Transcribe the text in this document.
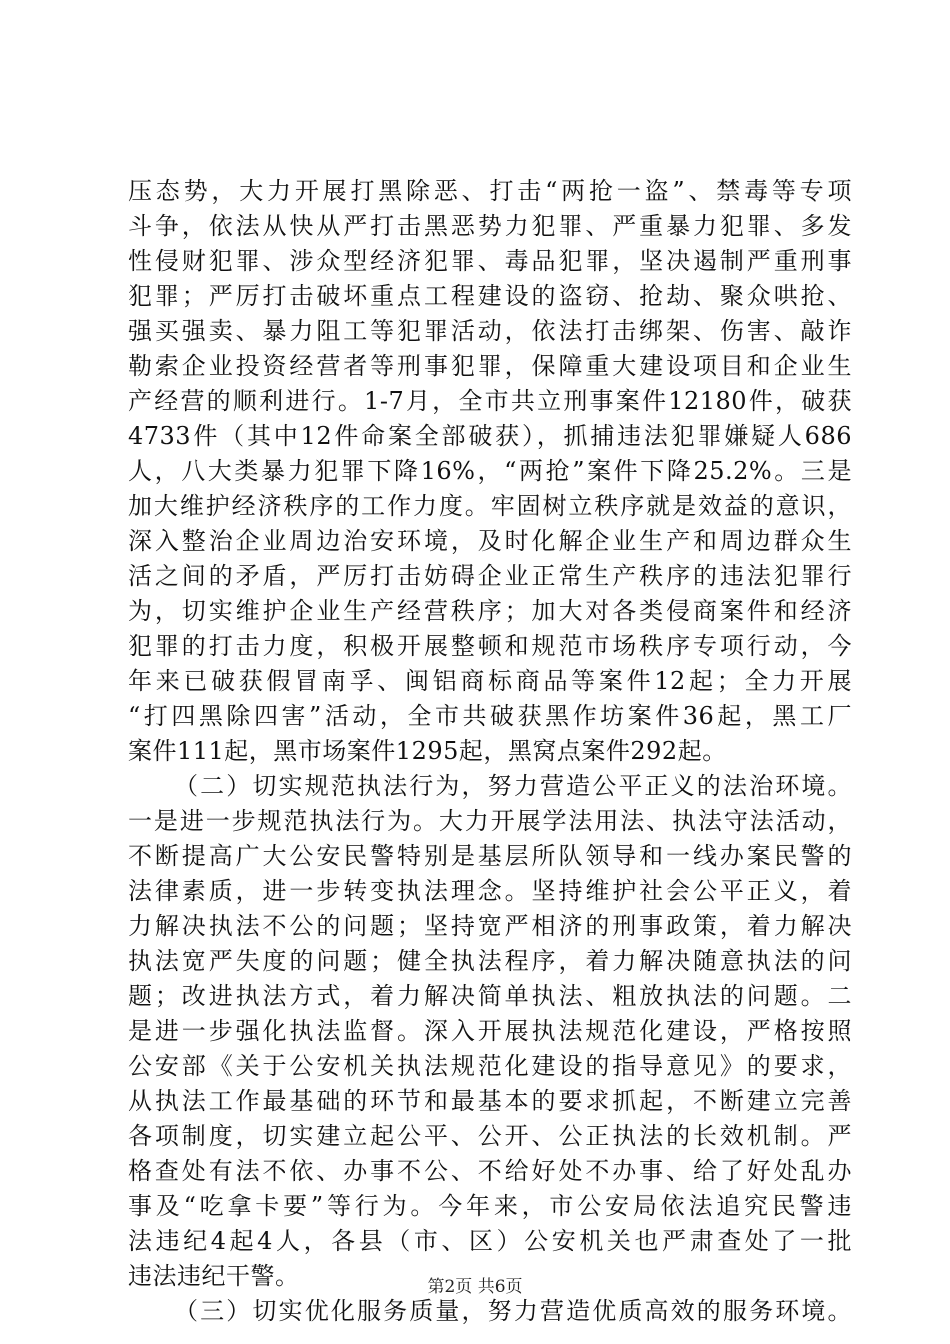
压态势，大力开展打黑除恶、打击“两抢一盗”、禁毒等专项
斗争，依法从快从严打击黑恶势力犯罪、严重暴力犯罪、多发
性侵财犯罪、涉众型经济犯罪、毒品犯罪，坚决遏制严重刑事
犯罪；严厉打击破坏重点工程建设的盗窃、抢劫、聚众哄抢、
强买强卖、暴力阻工等犯罪活动，依法打击绑架、伤害、敲诈
勒索企业投资经营者等刑事犯罪，保障重大建设项目和企业生
产经营的顺利进行。1-7月，全市共立刑事案件12180件，破获
4733件（其中12件命案全部破获），抓捕违法犯罪嫌疑人686
人，八大类暴力犯罪下降16%，“两抢”案件下降25.2%。三是
加大维护经济秩序的工作力度。牢固树立秩序就是效益的意识，
深入整治企业周边治安环境，及时化解企业生产和周边群众生
活之间的矛盾，严厉打击妨碍企业正常生产秩序的违法犯罪行
为，切实维护企业生产经营秩序；加大对各类侵商案件和经济
犯罪的打击力度，积极开展整顿和规范市场秩序专项行动，今
年来已破获假冒南孚、闽铝商标商品等案件12起；全力开展
“打四黑除四害”活动，全市共破获黑作坊案件36起，黑工厂
案件111起，黑市场案件1295起，黑窝点案件292起。
（二）切实规范执法行为，努力营造公平正义的法治环境。
一是进一步规范执法行为。大力开展学法用法、执法守法活动，
不断提高广大公安民警特别是基层所队领导和一线办案民警的
法律素质，进一步转变执法理念。坚持维护社会公平正义，着
力解决执法不公的问题；坚持宽严相济的刑事政策，着力解决
执法宽严失度的问题；健全执法程序，着力解决随意执法的问
题；改进执法方式，着力解决简单执法、粗放执法的问题。二
是进一步强化执法监督。深入开展执法规范化建设，严格按照
公安部《关于公安机关执法规范化建设的指导意见》的要求，
从执法工作最基础的环节和最基本的要求抓起，不断建立完善
各项制度，切实建立起公平、公开、公正执法的长效机制。严
格查处有法不依、办事不公、不给好处不办事、给了好处乱办
事及“吃拿卡要”等行为。今年来，市公安局依法追究民警违
法违纪4起4人，各县（市、区）公安机关也严肃查处了一批
违法违纪干警。
（三）切实优化服务质量，努力营造优质高效的服务环境。
第2页 共6页
